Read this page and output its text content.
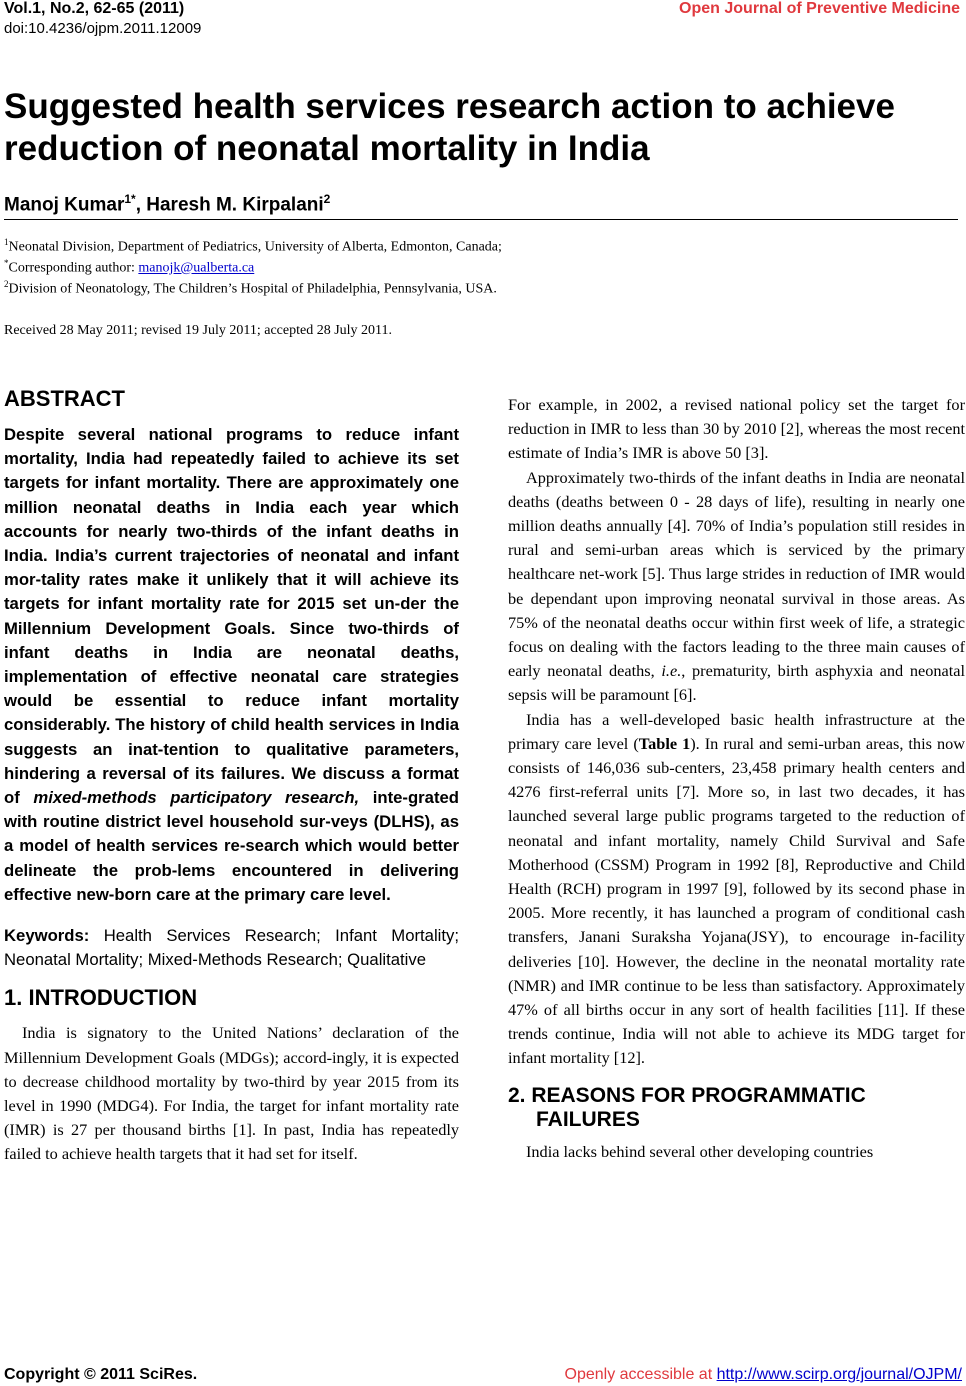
Vol.1, No.2, 62-65 (2011)
doi:10.4236/ojpm.2011.12009
Open Journal of Preventive Medicine
Suggested health services research action to achieve reduction of neonatal mortality in India
Manoj Kumar$^{1*}$, Haresh M. Kirpalani$^2$
$^1$Neonatal Division, Department of Pediatrics, University of Alberta, Edmonton, Canada;
*Corresponding author: manojk@ualberta.ca
$^2$Division of Neonatology, The Children’s Hospital of Philadelphia, Pennsylvania, USA.
Received 28 May 2011; revised 19 July 2011; accepted 28 July 2011.
ABSTRACT

Despite several national programs to reduce infant mortality, India had repeatedly failed to achieve its set targets for infant mortality. There are approximately one million neonatal deaths in India each year which accounts for nearly two-thirds of the infant deaths in India. India’s current trajectories of neonatal and infant mor-tality rates make it unlikely that it will achieve its targets for infant mortality rate for 2015 set un-der the Millennium Development Goals. Since two-thirds of infant deaths in India are neonatal deaths, implementation of effective neonatal care strategies would be essential to reduce infant mortality considerably. The history of child health services in India suggests an inat-tention to qualitative parameters, hindering a reversal of its failures. We discuss a format of mixed-methods participatory research, inte-grated with routine district level household sur-veys (DLHS), as a model of health services re-search which would better delineate the prob-lems encountered in delivering effective new-born care at the primary care level.

Keywords: Health Services Research; Infant Mortality; Neonatal Mortality; Mixed-Methods Research; Qualitative

1. INTRODUCTION

India is signatory to the United Nations’ declaration of the Millennium Development Goals (MDGs); accord-ingly, it is expected to decrease childhood mortality by two-third by year 2015 from its level in 1990 (MDG4). For India, the target for infant mortality rate (IMR) is 27 per thousand births [1]. In past, India has repeatedly failed to achieve health targets that it had set for itself.

For example, in 2002, a revised national policy set the target for reduction in IMR to less than 30 by 2010 [2], whereas the most recent estimate of India’s IMR is above 50 [3].

Approximately two-thirds of the infant deaths in India are neonatal deaths (deaths between 0 - 28 days of life), resulting in nearly one million deaths annually [4]. 70% of India’s population still resides in rural and semi-urban areas which is serviced by the primary healthcare net-work [5]. Thus large strides in reduction of IMR would be dependant upon improving neonatal survival in those areas. As 75% of the neonatal deaths occur within first week of life, a strategic focus on dealing with the factors leading to the three main causes of early neonatal deaths, i.e., prematurity, birth asphyxia and neonatal sepsis will be paramount [6].

India has a well-developed basic health infrastructure at the primary care level (Table 1). In rural and semi-urban areas, this now consists of 146,036 sub-centers, 23,458 primary health centers and 4276 first-referral units [7]. More so, in last two decades, it has launched several large public programs targeted to the reduction of neonatal and infant mortality, namely Child Survival and Safe Motherhood (CSSM) Program in 1992 [8], Reproductive and Child Health (RCH) program in 1997 [9], followed by its second phase in 2005. More recently, it has launched a program of conditional cash transfers, Janani Suraksha Yojana(JSY), to encourage in-facility deliveries [10]. However, the decline in the neonatal mortality rate (NMR) and IMR continue to be less than satisfactory. Approximately 47% of all births occur in any sort of health facilities [11]. If these trends continue, India will not able to achieve its MDG target for infant mortality [12].

2. REASONS FOR PROGRAMMATIC
FAILURES

India lacks behind several other developing countries

Copyright © 2011 SciRes.	Openly accessible at http://www.scirp.org/journal/OJPM/
